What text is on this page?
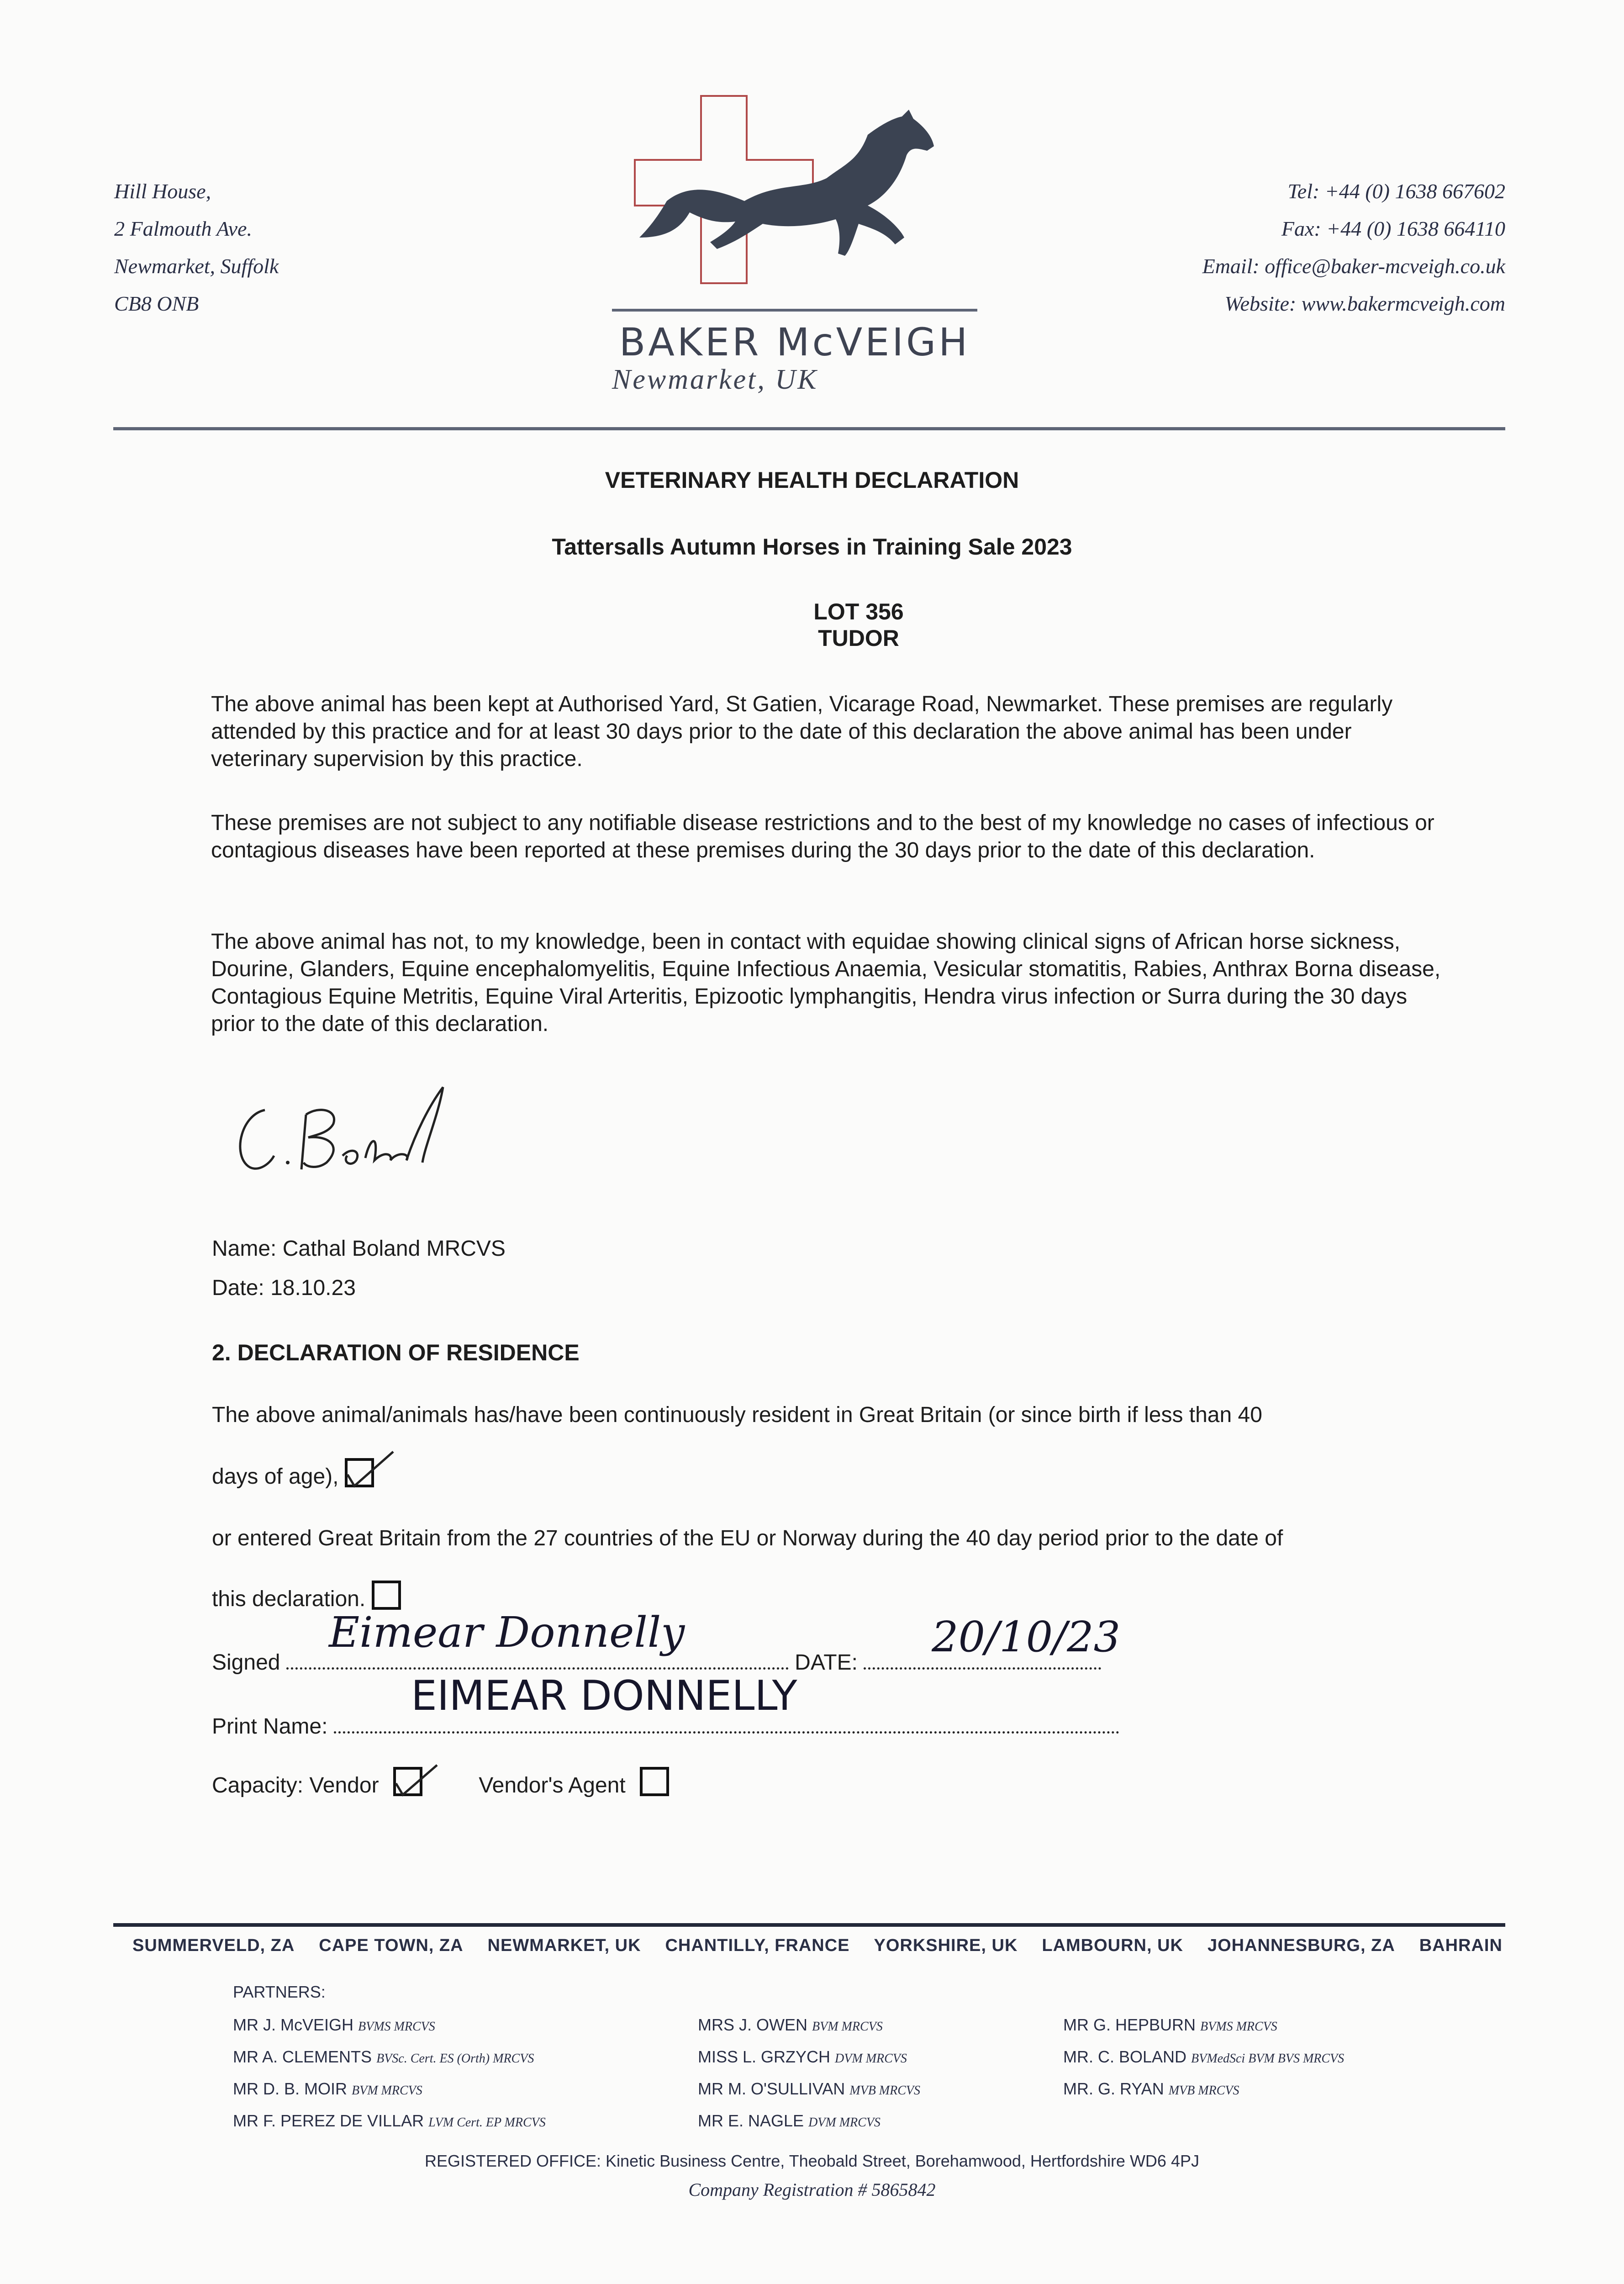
Hill House,
2 Falmouth Ave.
Newmarket, Suffolk
CB8 ONB
BAKER McVEIGH
Newmarket, UK
Tel: +44 (0) 1638 667602
Fax: +44 (0) 1638 664110
Email: office@baker-mcveigh.co.uk
Website: www.bakermcveigh.com
VETERINARY HEALTH DECLARATION
Tattersalls Autumn Horses in Training Sale 2023
LOT 356
TUDOR
The above animal has been kept at Authorised Yard, St Gatien, Vicarage Road, Newmarket. These premises are regularly attended by this practice and for at least 30 days prior to the date of this declaration the above animal has been under veterinary supervision by this practice.
These premises are not subject to any notifiable disease restrictions and to the best of my knowledge no cases of infectious or contagious diseases have been reported at these premises during the 30 days prior to the date of this declaration.
The above animal has not, to my knowledge, been in contact with equidae showing clinical signs of African horse sickness, Dourine, Glanders, Equine encephalomyelitis, Equine Infectious Anaemia, Vesicular stomatitis, Rabies, Anthrax Borna disease, Contagious Equine Metritis, Equine Viral Arteritis, Epizootic lymphangitis, Hendra virus infection or Surra during the 30 days prior to the date of this declaration.
Name: Cathal Boland MRCVS
Date: 18.10.23
2. DECLARATION OF RESIDENCE
The above animal/animals has/have been continuously resident in Great Britain (or since birth if less than 40
days of age),
or entered Great Britain from the 27 countries of the EU or Norway during the 40 day period prior to the date of
this declaration.
Signed	DATE:
Eimear Donnelly	20/10/23
Print Name:
EIMEAR DONNELLY
Capacity: Vendor	Vendor's Agent
SUMMERVELD, ZA CAPE TOWN, ZA NEWMARKET, UK CHANTILLY, FRANCE YORKSHIRE, UK LAMBOURN, UK JOHANNESBURG, ZA BAHRAIN
PARTNERS:
MR J. McVEIGH BVMS MRCVS
MR A. CLEMENTS BVSc. Cert. ES (Orth) MRCVS
MR D. B. MOIR BVM MRCVS
MR F. PEREZ DE VILLAR LVM Cert. EP MRCVS
MRS J. OWEN BVM MRCVS
MISS L. GRZYCH DVM MRCVS
MR M. O'SULLIVAN MVB MRCVS
MR E. NAGLE DVM MRCVS
MR G. HEPBURN BVMS MRCVS
MR. C. BOLAND BVMedSci BVM BVS MRCVS
MR. G. RYAN MVB MRCVS
REGISTERED OFFICE: Kinetic Business Centre, Theobald Street, Borehamwood, Hertfordshire WD6 4PJ
Company Registration # 5865842
